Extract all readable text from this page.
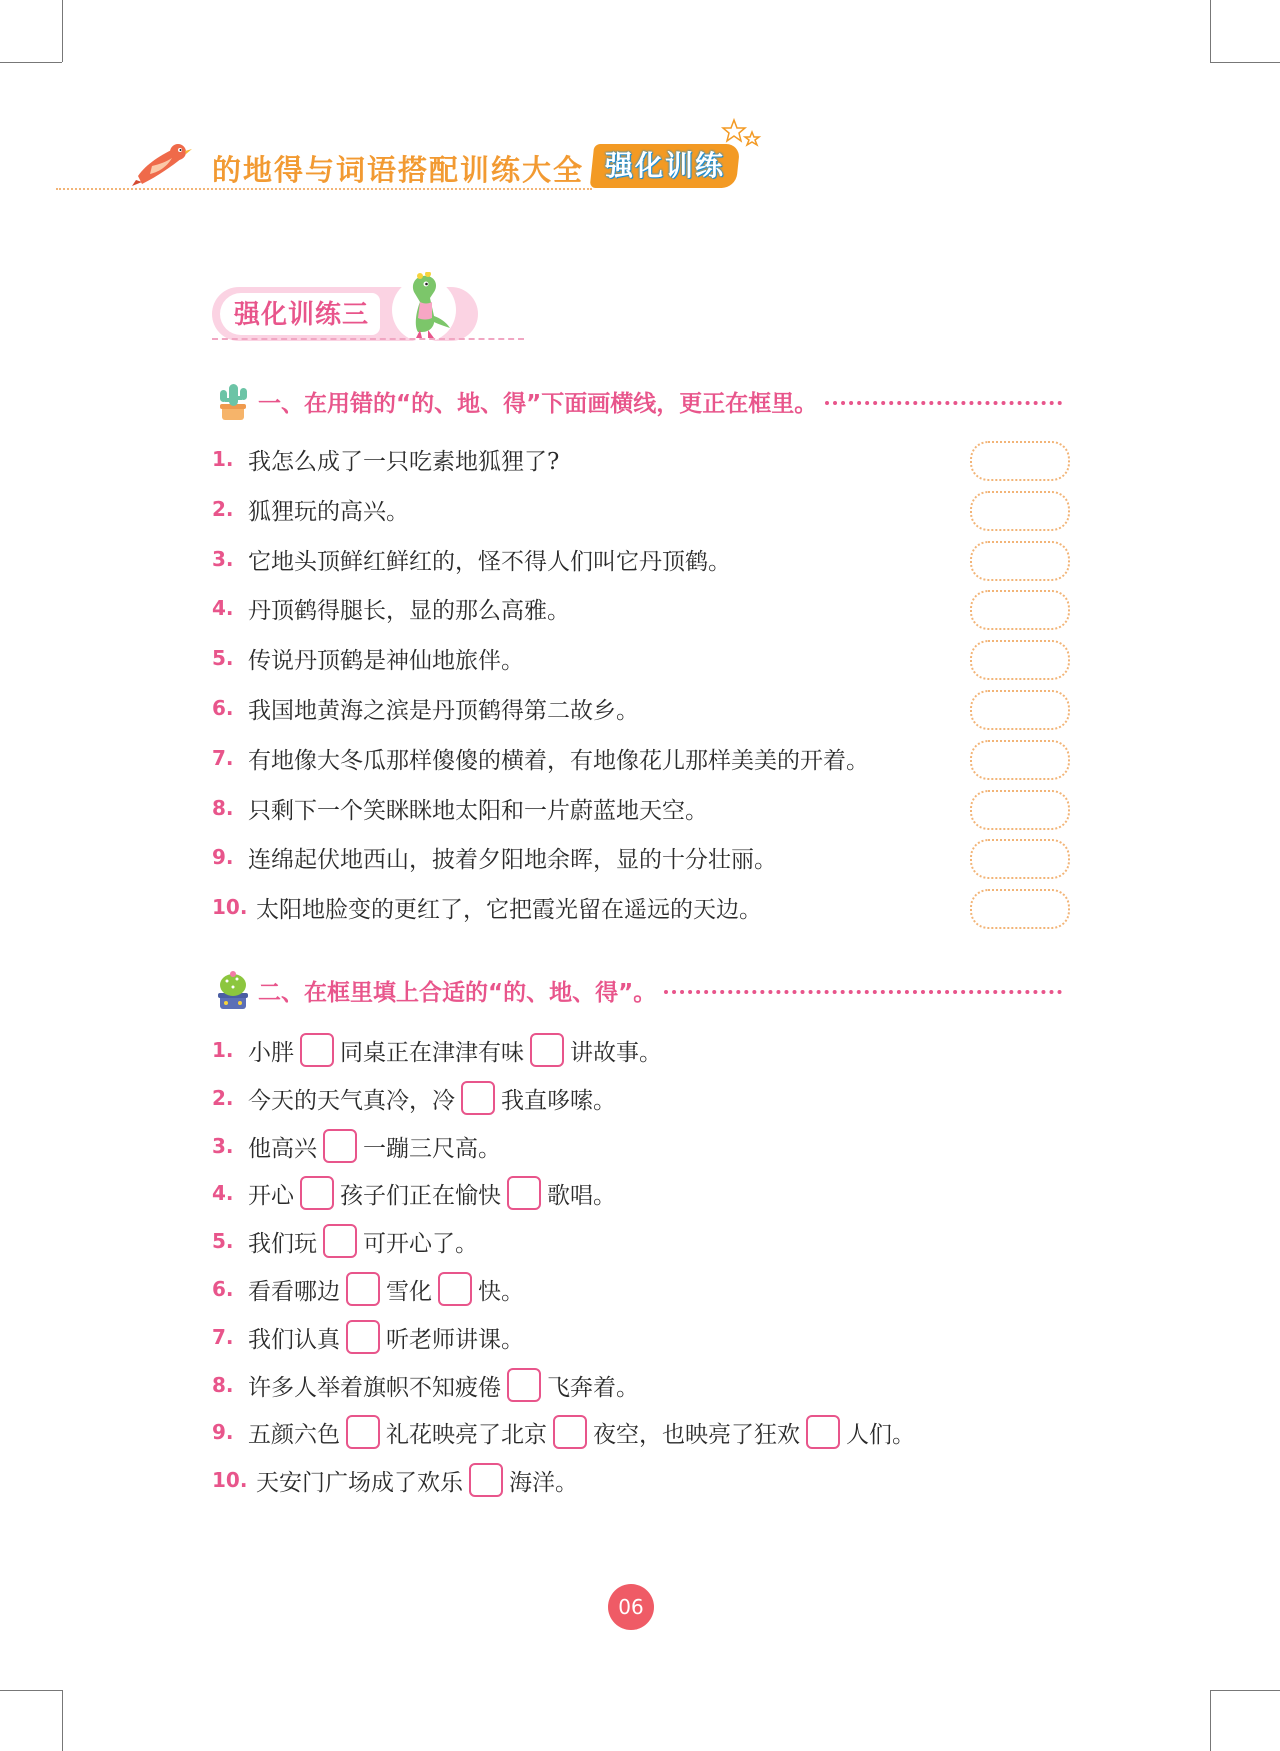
的地得与词语搭配训练大全 强化训练
强化训练三
一、在用错的“的、地、得”下面画横线，更正在框里。
1. 我怎么成了一只吃素地狐狸了?
2. 狐狸玩的高兴。
3. 它地头顶鲜红鲜红的，怪不得人们叫它丹顶鹤。
4. 丹顶鹤得腿长，显的那么高雅。
5. 传说丹顶鹤是神仙地旅伴。
6. 我国地黄海之滨是丹顶鹤得第二故乡。
7. 有地像大冬瓜那样傻傻的横着，有地像花儿那样美美的开着。
8. 只剩下一个笑眯眯地太阳和一片蔚蓝地天空。
9. 连绵起伏地西山，披着夕阳地余晖，显的十分壮丽。
10. 太阳地脸变的更红了，它把霞光留在遥远的天边。
二、在框里填上合适的“的、地、得”。
1. 小胖 同桌正在津津有味 讲故事。
2. 今天的天气真冷，冷 我直哆嗦。
3. 他高兴 一蹦三尺高。
4. 开心 孩子们正在愉快 歌唱。
5. 我们玩 可开心了。
6. 看看哪边 雪化 快。
7. 我们认真 听老师讲课。
8. 许多人举着旗帜不知疲倦 飞奔着。
9. 五颜六色 礼花映亮了北京 夜空，也映亮了狂欢 人们。
10. 天安门广场成了欢乐 海洋。
06
